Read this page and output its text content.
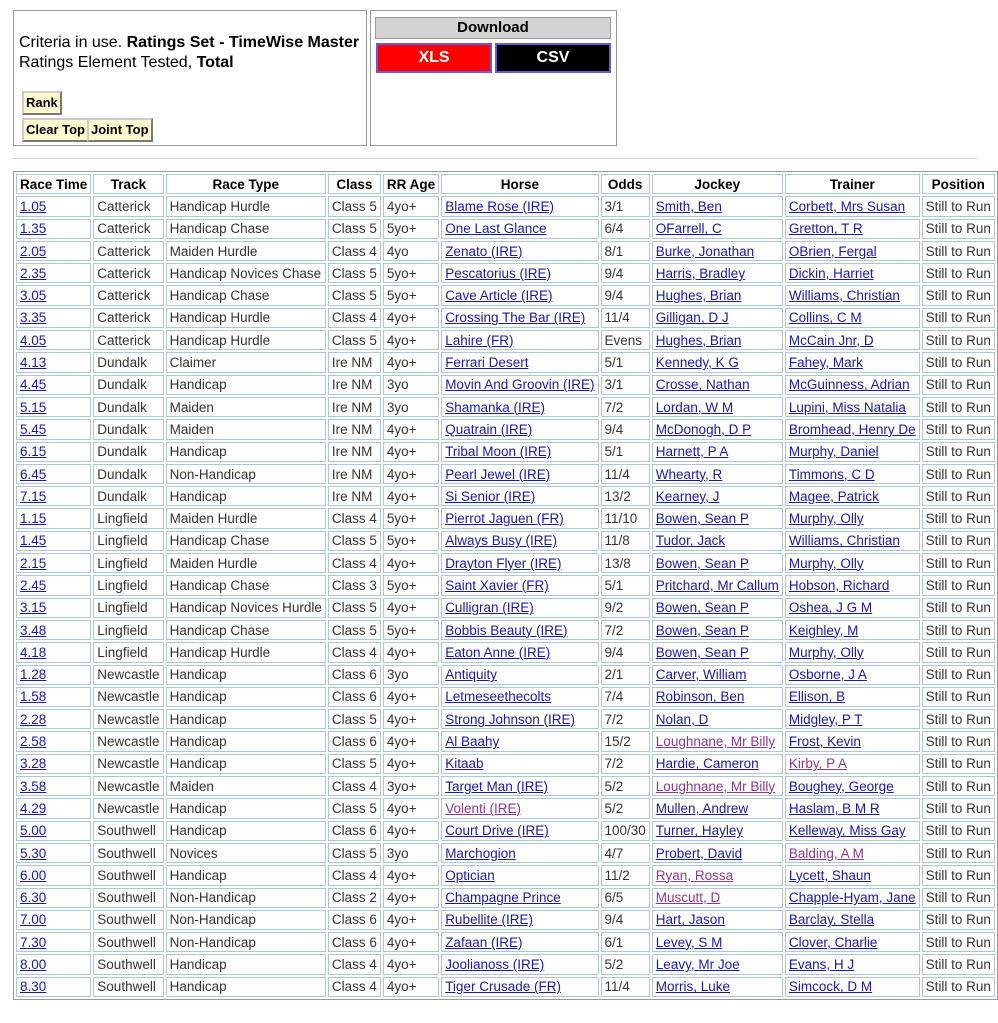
Criteria in use. Ratings Set - TimeWise Master
Ratings Element Tested, Total
Rank
Clear Top Joint Top
Download
XLS	CSV
Race Time	Track	Race Type	Class	RR Age	Horse	Odds	Jockey	Trainer	Position
1.05	Catterick	Handicap Hurdle	Class 5	4yo+	Blame Rose (IRE)	3/1	Smith, Ben	Corbett, Mrs Susan	Still to Run
1.35	Catterick	Handicap Chase	Class 5	5yo+	One Last Glance	6/4	OFarrell, C	Gretton, T R	Still to Run
2.05	Catterick	Maiden Hurdle	Class 4	4yo	Zenato (IRE)	8/1	Burke, Jonathan	OBrien, Fergal	Still to Run
2.35	Catterick	Handicap Novices Chase	Class 5	5yo+	Pescatorius (IRE)	9/4	Harris, Bradley	Dickin, Harriet	Still to Run
3.05	Catterick	Handicap Chase	Class 5	5yo+	Cave Article (IRE)	9/4	Hughes, Brian	Williams, Christian	Still to Run
3.35	Catterick	Handicap Hurdle	Class 4	4yo+	Crossing The Bar (IRE)	11/4	Gilligan, D J	Collins, C M	Still to Run
4.05	Catterick	Handicap Hurdle	Class 5	4yo+	Lahire (FR)	Evens	Hughes, Brian	McCain Jnr, D	Still to Run
4.13	Dundalk	Claimer	Ire NM	4yo+	Ferrari Desert	5/1	Kennedy, K G	Fahey, Mark	Still to Run
4.45	Dundalk	Handicap	Ire NM	3yo	Movin And Groovin (IRE)	3/1	Crosse, Nathan	McGuinness, Adrian	Still to Run
5.15	Dundalk	Maiden	Ire NM	3yo	Shamanka (IRE)	7/2	Lordan, W M	Lupini, Miss Natalia	Still to Run
5.45	Dundalk	Maiden	Ire NM	4yo+	Quatrain (IRE)	9/4	McDonogh, D P	Bromhead, Henry De	Still to Run
6.15	Dundalk	Handicap	Ire NM	4yo+	Tribal Moon (IRE)	5/1	Harnett, P A	Murphy, Daniel	Still to Run
6.45	Dundalk	Non-Handicap	Ire NM	4yo+	Pearl Jewel (IRE)	11/4	Whearty, R	Timmons, C D	Still to Run
7.15	Dundalk	Handicap	Ire NM	4yo+	Si Senior (IRE)	13/2	Kearney, J	Magee, Patrick	Still to Run
1.15	Lingfield	Maiden Hurdle	Class 4	5yo+	Pierrot Jaguen (FR)	11/10	Bowen, Sean P	Murphy, Olly	Still to Run
1.45	Lingfield	Handicap Chase	Class 5	5yo+	Always Busy (IRE)	11/8	Tudor, Jack	Williams, Christian	Still to Run
2.15	Lingfield	Maiden Hurdle	Class 4	4yo+	Drayton Flyer (IRE)	13/8	Bowen, Sean P	Murphy, Olly	Still to Run
2.45	Lingfield	Handicap Chase	Class 3	5yo+	Saint Xavier (FR)	5/1	Pritchard, Mr Callum	Hobson, Richard	Still to Run
3.15	Lingfield	Handicap Novices Hurdle	Class 5	4yo+	Culligran (IRE)	9/2	Bowen, Sean P	Oshea, J G M	Still to Run
3.48	Lingfield	Handicap Chase	Class 5	5yo+	Bobbis Beauty (IRE)	7/2	Bowen, Sean P	Keighley, M	Still to Run
4.18	Lingfield	Handicap Hurdle	Class 4	4yo+	Eaton Anne (IRE)	9/4	Bowen, Sean P	Murphy, Olly	Still to Run
1.28	Newcastle	Handicap	Class 6	3yo	Antiquity	2/1	Carver, William	Osborne, J A	Still to Run
1.58	Newcastle	Handicap	Class 6	4yo+	Letmeseethecolts	7/4	Robinson, Ben	Ellison, B	Still to Run
2.28	Newcastle	Handicap	Class 5	4yo+	Strong Johnson (IRE)	7/2	Nolan, D	Midgley, P T	Still to Run
2.58	Newcastle	Handicap	Class 6	4yo+	Al Baahy	15/2	Loughnane, Mr Billy	Frost, Kevin	Still to Run
3.28	Newcastle	Handicap	Class 5	4yo+	Kitaab	7/2	Hardie, Cameron	Kirby, P A	Still to Run
3.58	Newcastle	Maiden	Class 4	3yo+	Target Man (IRE)	5/2	Loughnane, Mr Billy	Boughey, George	Still to Run
4.29	Newcastle	Handicap	Class 5	4yo+	Volenti (IRE)	5/2	Mullen, Andrew	Haslam, B M R	Still to Run
5.00	Southwell	Handicap	Class 6	4yo+	Court Drive (IRE)	100/30	Turner, Hayley	Kelleway, Miss Gay	Still to Run
5.30	Southwell	Novices	Class 5	3yo	Marchogion	4/7	Probert, David	Balding, A M	Still to Run
6.00	Southwell	Handicap	Class 4	4yo+	Optician	11/2	Ryan, Rossa	Lycett, Shaun	Still to Run
6.30	Southwell	Non-Handicap	Class 2	4yo+	Champagne Prince	6/5	Muscutt, D	Chapple-Hyam, Jane	Still to Run
7.00	Southwell	Non-Handicap	Class 6	4yo+	Rubellite (IRE)	9/4	Hart, Jason	Barclay, Stella	Still to Run
7.30	Southwell	Non-Handicap	Class 6	4yo+	Zafaan (IRE)	6/1	Levey, S M	Clover, Charlie	Still to Run
8.00	Southwell	Handicap	Class 4	4yo+	Joolianoss (IRE)	5/2	Leavy, Mr Joe	Evans, H J	Still to Run
8.30	Southwell	Handicap	Class 4	4yo+	Tiger Crusade (FR)	11/4	Morris, Luke	Simcock, D M	Still to Run
